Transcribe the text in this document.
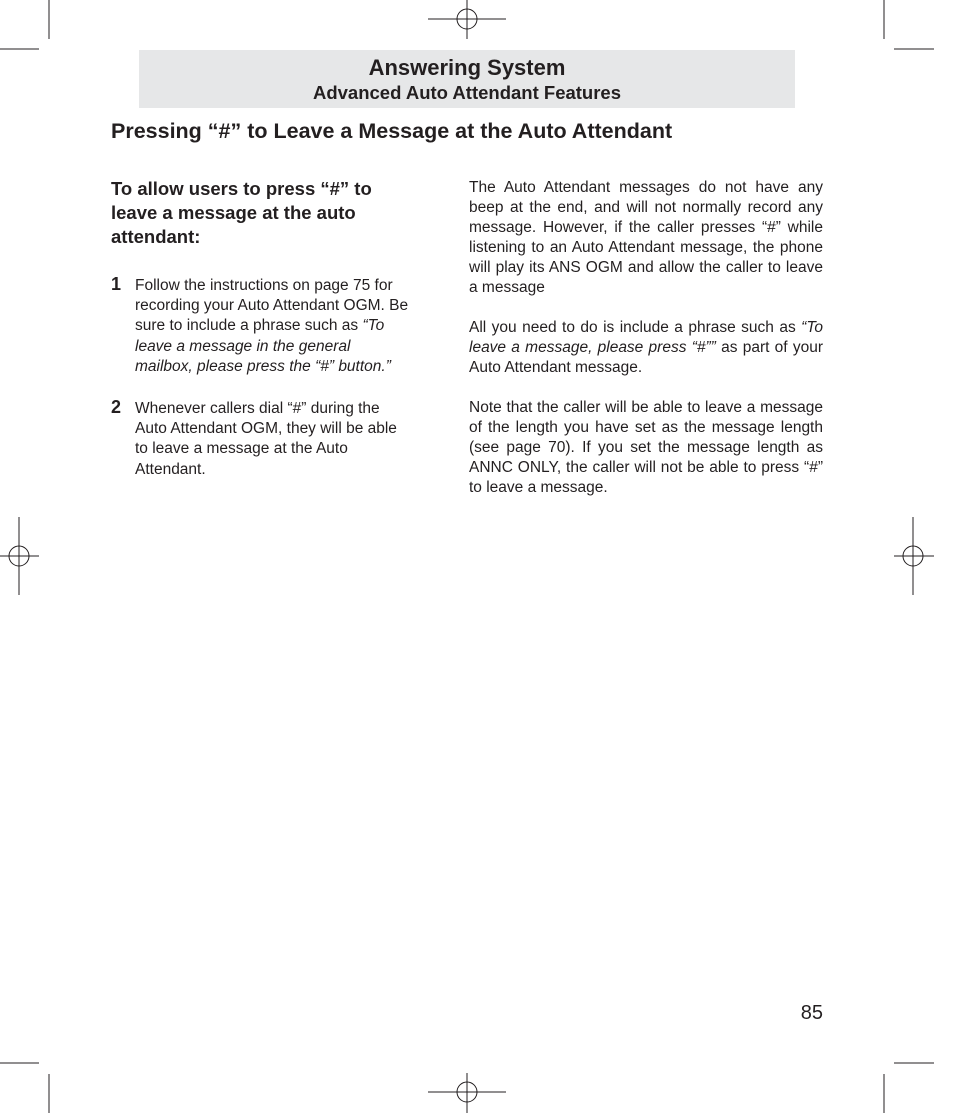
Answering System
Advanced Auto Attendant Features
Pressing “#” to Leave a Message at the Auto Attendant

To allow users to press “#” to leave a message at the auto attendant:

1 Follow the instructions on page 75 for recording your Auto Attendant OGM. Be sure to include a phrase such as “To leave a message in the general mailbox, please press the “#” button.”
2 Whenever callers dial “#” during the Auto Attendant OGM, they will be able to leave a message at the Auto Attendant.

The Auto Attendant messages do not have any beep at the end, and will not normally record any message. However, if the caller presses “#” while listening to an Auto Attendant message, the phone will play its ANS OGM and allow the caller to leave a message

All you need to do is include a phrase such as “To leave a message, please press “#”” as part of your Auto Attendant message.

Note that the caller will be able to leave a message of the length you have set as the message length (see page 70). If you set the message length as ANNC ONLY, the caller will not be able to press “#” to leave a message.

85
